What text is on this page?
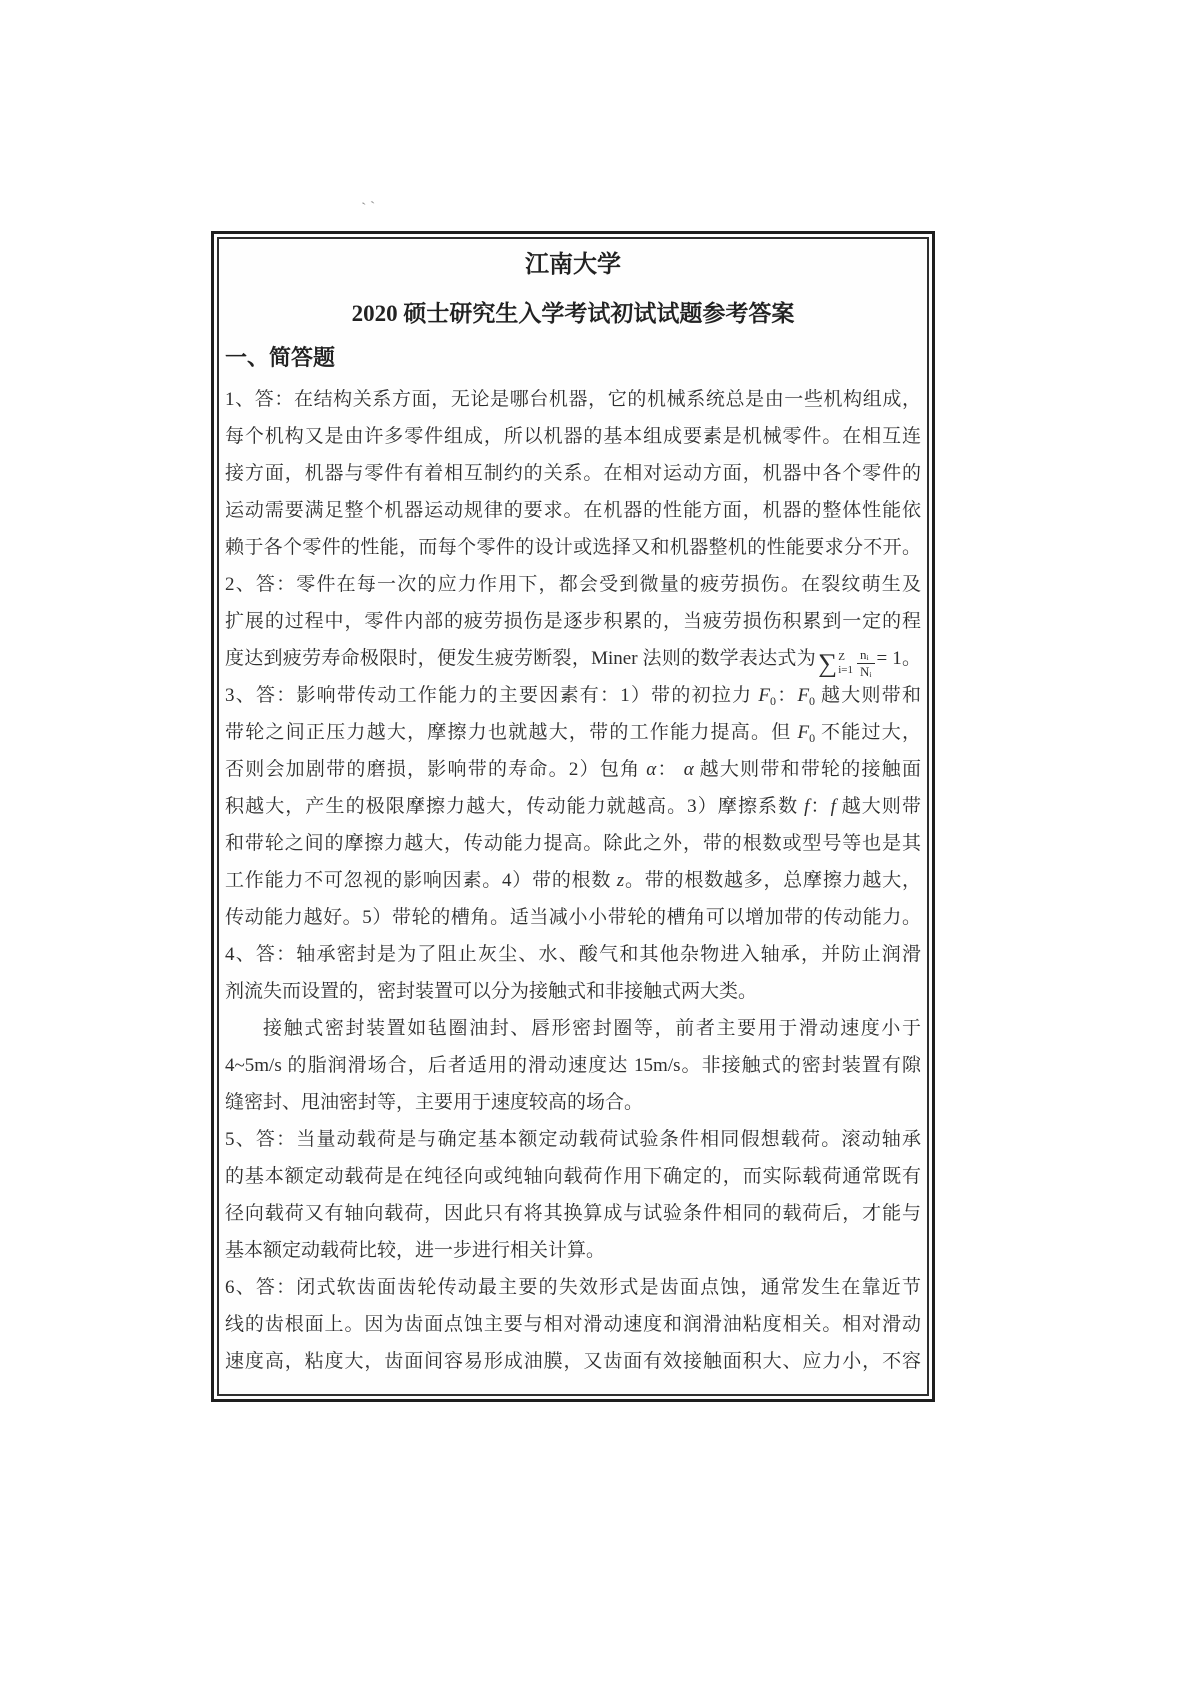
ˋˋ
江南大学
2020 硕士研究生入学考试初试试题参考答案
一、简答题
1、答：在结构关系方面，无论是哪台机器，它的机械系统总是由一些机构组成，
每个机构又是由许多零件组成，所以机器的基本组成要素是机械零件。在相互连
接方面，机器与零件有着相互制约的关系。在相对运动方面，机器中各个零件的
运动需要满足整个机器运动规律的要求。在机器的性能方面，机器的整体性能依
赖于各个零件的性能，而每个零件的设计或选择又和机器整机的性能要求分不开。
2、答：零件在每一次的应力作用下，都会受到微量的疲劳损伤。在裂纹萌生及
扩展的过程中，零件内部的疲劳损伤是逐步积累的，当疲劳损伤积累到一定的程
度达到疲劳寿命极限时，便发生疲劳断裂，Miner 法则的数学表达式为 ∑ Z
$i=1 \frac{\text{nᵢ}}{\text{Nᵢ}} = 1$。
3、答：影响带传动工作能力的主要因素有：1）带的初拉力 $F_0$：$F_0$ 越大则带和
带轮之间正压力越大，摩擦力也就越大，带的工作能力提高。但 $F_0$ 不能过大，
否则会加剧带的磨损，影响带的寿命。2）包角 α： α 越大则带和带轮的接触面
积越大，产生的极限摩擦力越大，传动能力就越高。3）摩擦系数 f：f 越大则带
和带轮之间的摩擦力越大，传动能力提高。除此之外，带的根数或型号等也是其
工作能力不可忽视的影响因素。4）带的根数 z。带的根数越多，总摩擦力越大，
传动能力越好。5）带轮的槽角。适当减小小带轮的槽角可以增加带的传动能力。
4、答：轴承密封是为了阻止灰尘、水、酸气和其他杂物进入轴承，并防止润滑
剂流失而设置的，密封装置可以分为接触式和非接触式两大类。
接触式密封装置如毡圈油封、唇形密封圈等，前者主要用于滑动速度小于
4~5m/s 的脂润滑场合，后者适用的滑动速度达 15m/s。非接触式的密封装置有隙
缝密封、甩油密封等，主要用于速度较高的场合。
5、答：当量动载荷是与确定基本额定动载荷试验条件相同假想载荷。滚动轴承
的基本额定动载荷是在纯径向或纯轴向载荷作用下确定的，而实际载荷通常既有
径向载荷又有轴向载荷，因此只有将其换算成与试验条件相同的载荷后，才能与
基本额定动载荷比较，进一步进行相关计算。
6、答：闭式软齿面齿轮传动最主要的失效形式是齿面点蚀，通常发生在靠近节
线的齿根面上。因为齿面点蚀主要与相对滑动速度和润滑油粘度相关。相对滑动
速度高，粘度大，齿面间容易形成油膜，又齿面有效接触面积大、应力小，不容
